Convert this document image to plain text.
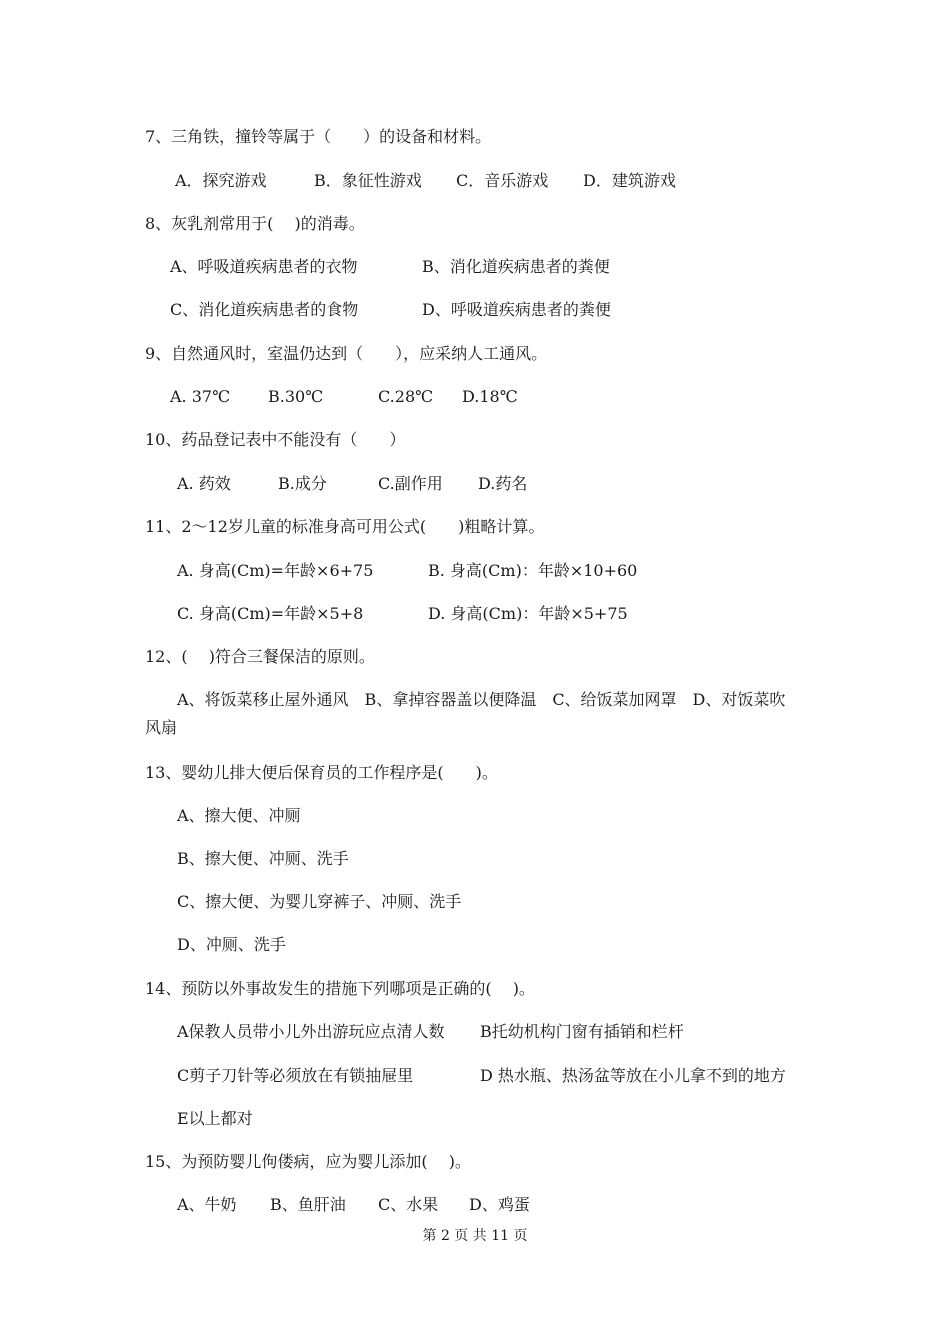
7、三角铁，撞铃等属于（　　）的设备和材料。
A．探究游戏	B．象征性游戏 C．音乐游戏 D．建筑游戏
8、灰乳剂常用于(　 )的消毒。
A、呼吸道疾病患者的衣物	B、消化道疾病患者的粪便
C、消化道疾病患者的食物	D、呼吸道疾病患者的粪便
9、自然通风时，室温仍达到（　　），应采纳人工通风。
A. 37℃ B.30℃	C.28℃ D.18℃
10、药品登记表中不能没有（　　）
A. 药效	B.成分	C.副作用 D.药名
11、2～12岁儿童的标准身高可用公式(　　)粗略计算。
A. 身高(Cm)=年龄×6+75	B. 身高(Cm)：年龄×10+60
C. 身高(Cm)=年龄×5+8	D. 身高(Cm)：年龄×5+75
12、(　 )符合三餐保洁的原则。
A、将饭菜移止屋外通风　B、拿掉容器盖以便降温　C、给饭菜加网罩　D、对饭菜吹
风扇
13、婴幼儿排大便后保育员的工作程序是(　　)。
A、擦大便、冲厕
B、擦大便、冲厕、洗手
C、擦大便、为婴儿穿裤子、冲厕、洗手
D、冲厕、洗手
14、预防以外事故发生的措施下列哪项是正确的(　 )。
A保教人员带小儿外出游玩应点清人数 B托幼机构门窗有插销和栏杆
C剪子刀针等必须放在有锁抽屉里	D 热水瓶、热汤盆等放在小儿拿不到的地方
E以上都对
15、为预防婴儿佝偻病，应为婴儿添加(　 )。
A、牛奶 B、鱼肝油 C、水果 D、鸡蛋
第 2 页 共 11 页
